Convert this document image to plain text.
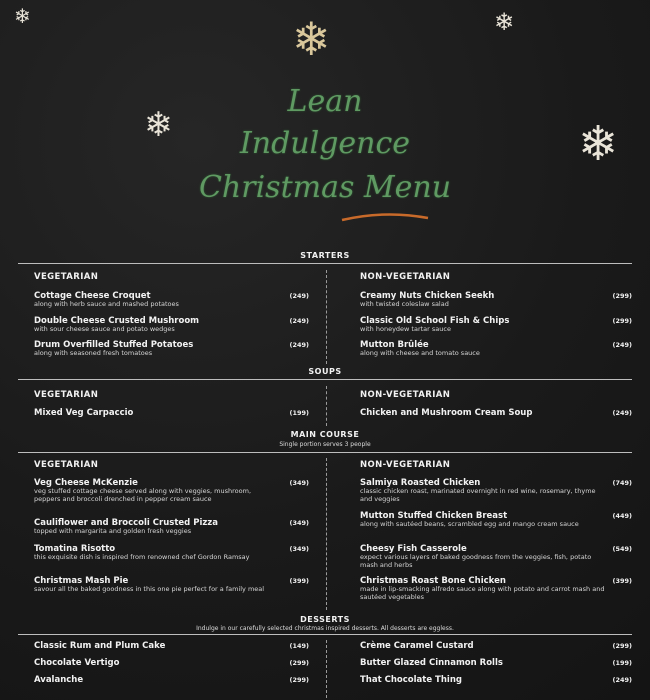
❄	❄	❄
❄	❄
Lean
Indulgence
Christmas Menu
STARTERS
VEGETARIAN	NON-VEGETARIAN
Cottage Cheese Croquet	(249)
along with herb sauce and mashed potatoes
Double Cheese Crusted Mushroom	(249)
with sour cheese sauce and potato wedges
Drum Overfilled Stuffed Potatoes	(249)
along with seasoned fresh tomatoes
Creamy Nuts Chicken Seekh	(299)
with twisted coleslaw salad
Classic Old School Fish & Chips	(299)
with honeydew tartar sauce
Mutton Brûlée	(249)
along with cheese and tomato sauce
SOUPS
VEGETARIAN	NON-VEGETARIAN
Mixed Veg Carpaccio	(199)	Chicken and Mushroom Cream Soup	(249)
MAIN COURSE
Single portion serves 3 people
VEGETARIAN	NON-VEGETARIAN
Veg Cheese McKenzie	(349)
veg stuffed cottage cheese served along with veggies, mushroom, peppers and broccoli drenched in pepper cream sauce
Cauliflower and Broccoli Crusted Pizza	(349)
topped with margarita and golden fresh veggies
Tomatina Risotto	(349)
this exquisite dish is inspired from renowned chef Gordon Ramsay
Christmas Mash Pie	(399)
savour all the baked goodness in this one pie perfect for a family meal
Salmiya Roasted Chicken	(749)
classic chicken roast, marinated overnight in red wine, rosemary, thyme and veggies
Mutton Stuffed Chicken Breast	(449)
along with sautéed beans, scrambled egg and mango cream sauce
Cheesy Fish Casserole	(549)
expect various layers of baked goodness from the veggies, fish, potato mash and herbs
Christmas Roast Bone Chicken	(399)
made in lip-smacking alfredo sauce along with potato and carrot mash and sautéed vegetables
DESSERTS
Indulge in our carefully selected christmas inspired desserts. All desserts are eggless.
Classic Rum and Plum Cake	(149)
Chocolate Vertigo	(299)
Avalanche	(299)
Crème Caramel Custard	(299)
Butter Glazed Cinnamon Rolls	(199)
That Chocolate Thing	(249)
